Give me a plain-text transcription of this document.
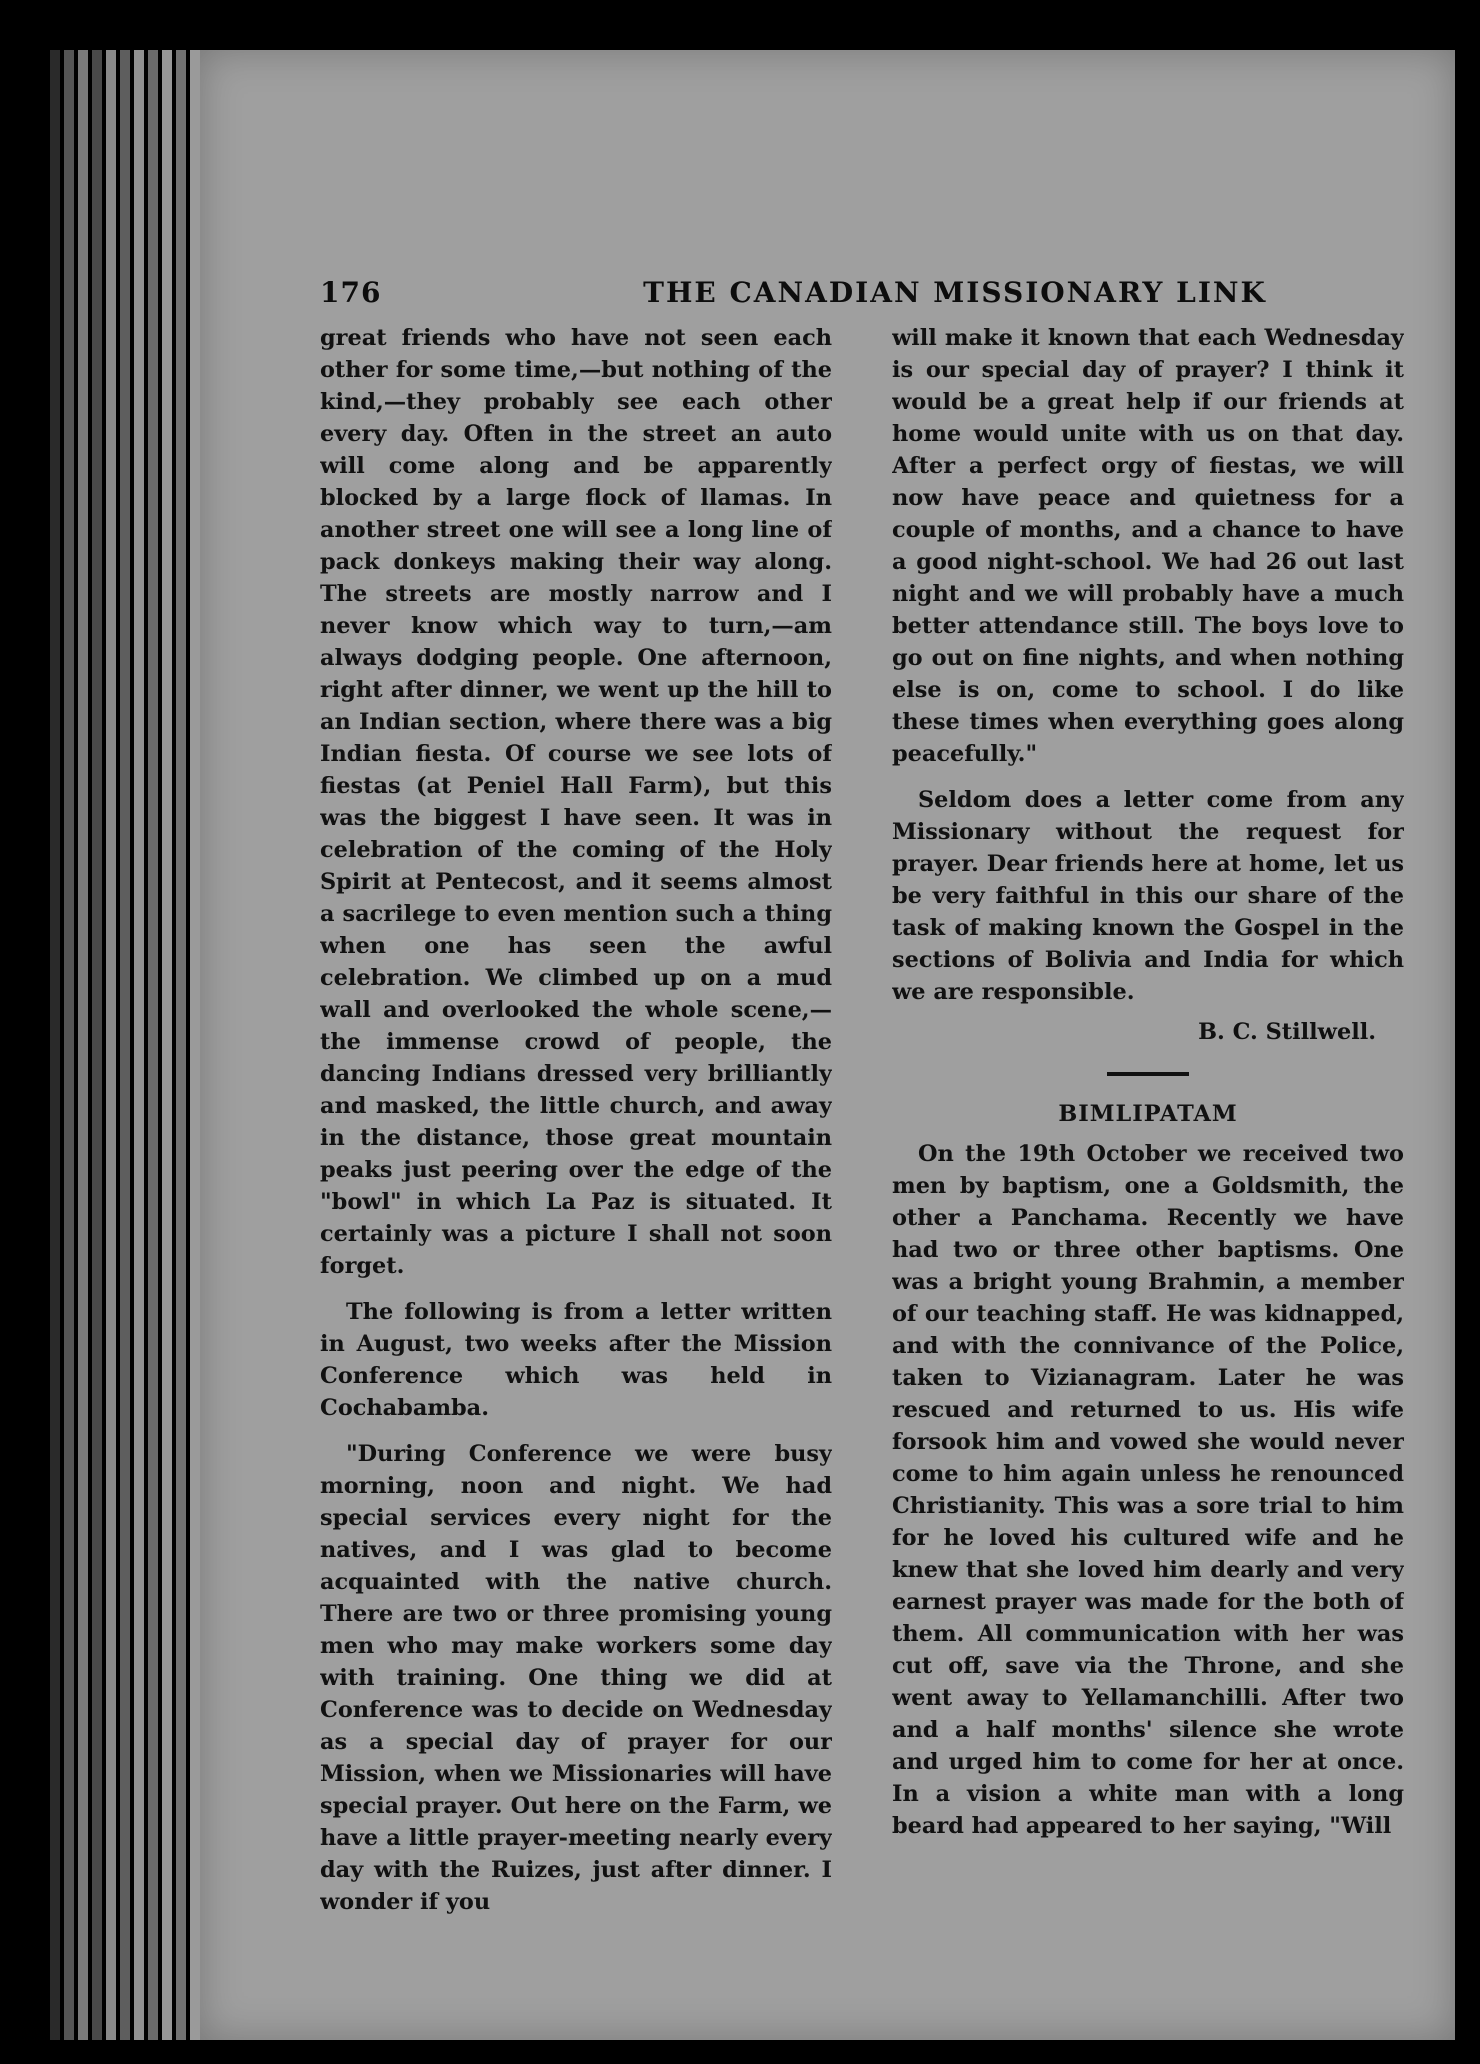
176	THE CANADIAN MISSIONARY LINK

great friends who have not seen each other for some time,—but nothing of the kind,—they probably see each other every day. Often in the street an auto will come along and be apparently blocked by a large flock of llamas. In another street one will see a long line of pack donkeys making their way along. The streets are mostly narrow and I never know which way to turn,—am always dodging people. One afternoon, right after dinner, we went up the hill to an Indian section, where there was a big Indian fiesta. Of course we see lots of fiestas (at Peniel Hall Farm), but this was the biggest I have seen. It was in celebration of the coming of the Holy Spirit at Pentecost, and it seems almost a sacrilege to even mention such a thing when one has seen the awful celebration. We climbed up on a mud wall and overlooked the whole scene,—the immense crowd of people, the dancing Indians dressed very brilliantly and masked, the little church, and away in the distance, those great mountain peaks just peering over the edge of the "bowl" in which La Paz is situated. It certainly was a picture I shall not soon forget.

The following is from a letter written in August, two weeks after the Mission Conference which was held in Cochabamba.

"During Conference we were busy morning, noon and night. We had special services every night for the natives, and I was glad to become acquainted with the native church. There are two or three promising young men who may make workers some day with training. One thing we did at Conference was to decide on Wednesday as a special day of prayer for our Mission, when we Missionaries will have special prayer. Out here on the Farm, we have a little prayer-meeting nearly every day with the Ruizes, just after dinner. I wonder if you

will make it known that each Wednesday is our special day of prayer? I think it would be a great help if our friends at home would unite with us on that day. After a perfect orgy of fiestas, we will now have peace and quietness for a couple of months, and a chance to have a good night-school. We had 26 out last night and we will probably have a much better attendance still. The boys love to go out on fine nights, and when nothing else is on, come to school. I do like these times when everything goes along peacefully."

Seldom does a letter come from any Missionary without the request for prayer. Dear friends here at home, let us be very faithful in this our share of the task of making known the Gospel in the sections of Bolivia and India for which we are responsible.

B. C. Stillwell.
BIMLIPATAM

On the 19th October we received two men by baptism, one a Goldsmith, the other a Panchama. Recently we have had two or three other baptisms. One was a bright young Brahmin, a member of our teaching staff. He was kidnapped, and with the connivance of the Police, taken to Vizianagram. Later he was rescued and returned to us. His wife forsook him and vowed she would never come to him again unless he renounced Christianity. This was a sore trial to him for he loved his cultured wife and he knew that she loved him dearly and very earnest prayer was made for the both of them. All communication with her was cut off, save via the Throne, and she went away to Yellamanchilli. After two and a half months' silence she wrote and urged him to come for her at once. In a vision a white man with a long beard had appeared to her saying, "Will
